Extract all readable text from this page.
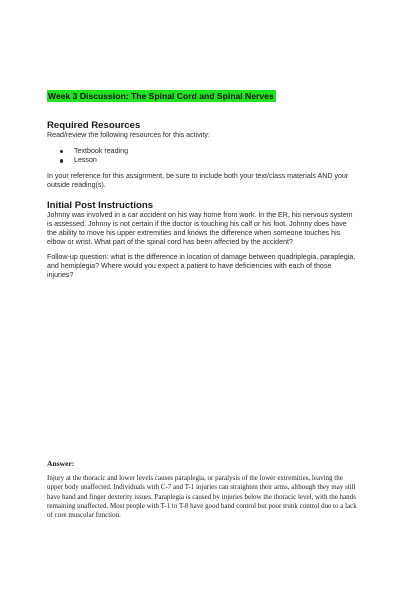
Week 3 Discussion: The Spinal Cord and Spinal Nerves
Required Resources

Read/review the following resources for this activity:

Textbook reading
Lesson

In your reference for this assignment, be sure to include both your text/class materials AND your outside reading(s).

Initial Post Instructions

Johnny was involved in a car accident on his way home from work. In the ER, his nervous system is assessed. Johnny is not certain if the doctor is touching his calf or his foot. Johnny does have the ability to move his upper extremities and knows the difference when someone touches his elbow or wrist. What part of the spinal cord has been affected by the accident?

Follow-up question: what is the difference in location of damage between quadriplegia, paraplegia, and hemiplegia? Where would you expect a patient to have deficiencies with each of those injuries?

Answer:

Injury at the thoracic and lower levels causes paraplegia, or paralysis of the lower extremities, leaving the upper body unaffected. Individuals with C-7 and T-1 injuries can straighten their arms, although they may still have hand and finger dexterity issues. Paraplegia is caused by injuries below the thoracic level, with the hands remaining unaffected. Most people with T-1 to T-8 have good hand control but poor trunk control due to a lack of core muscular function.
